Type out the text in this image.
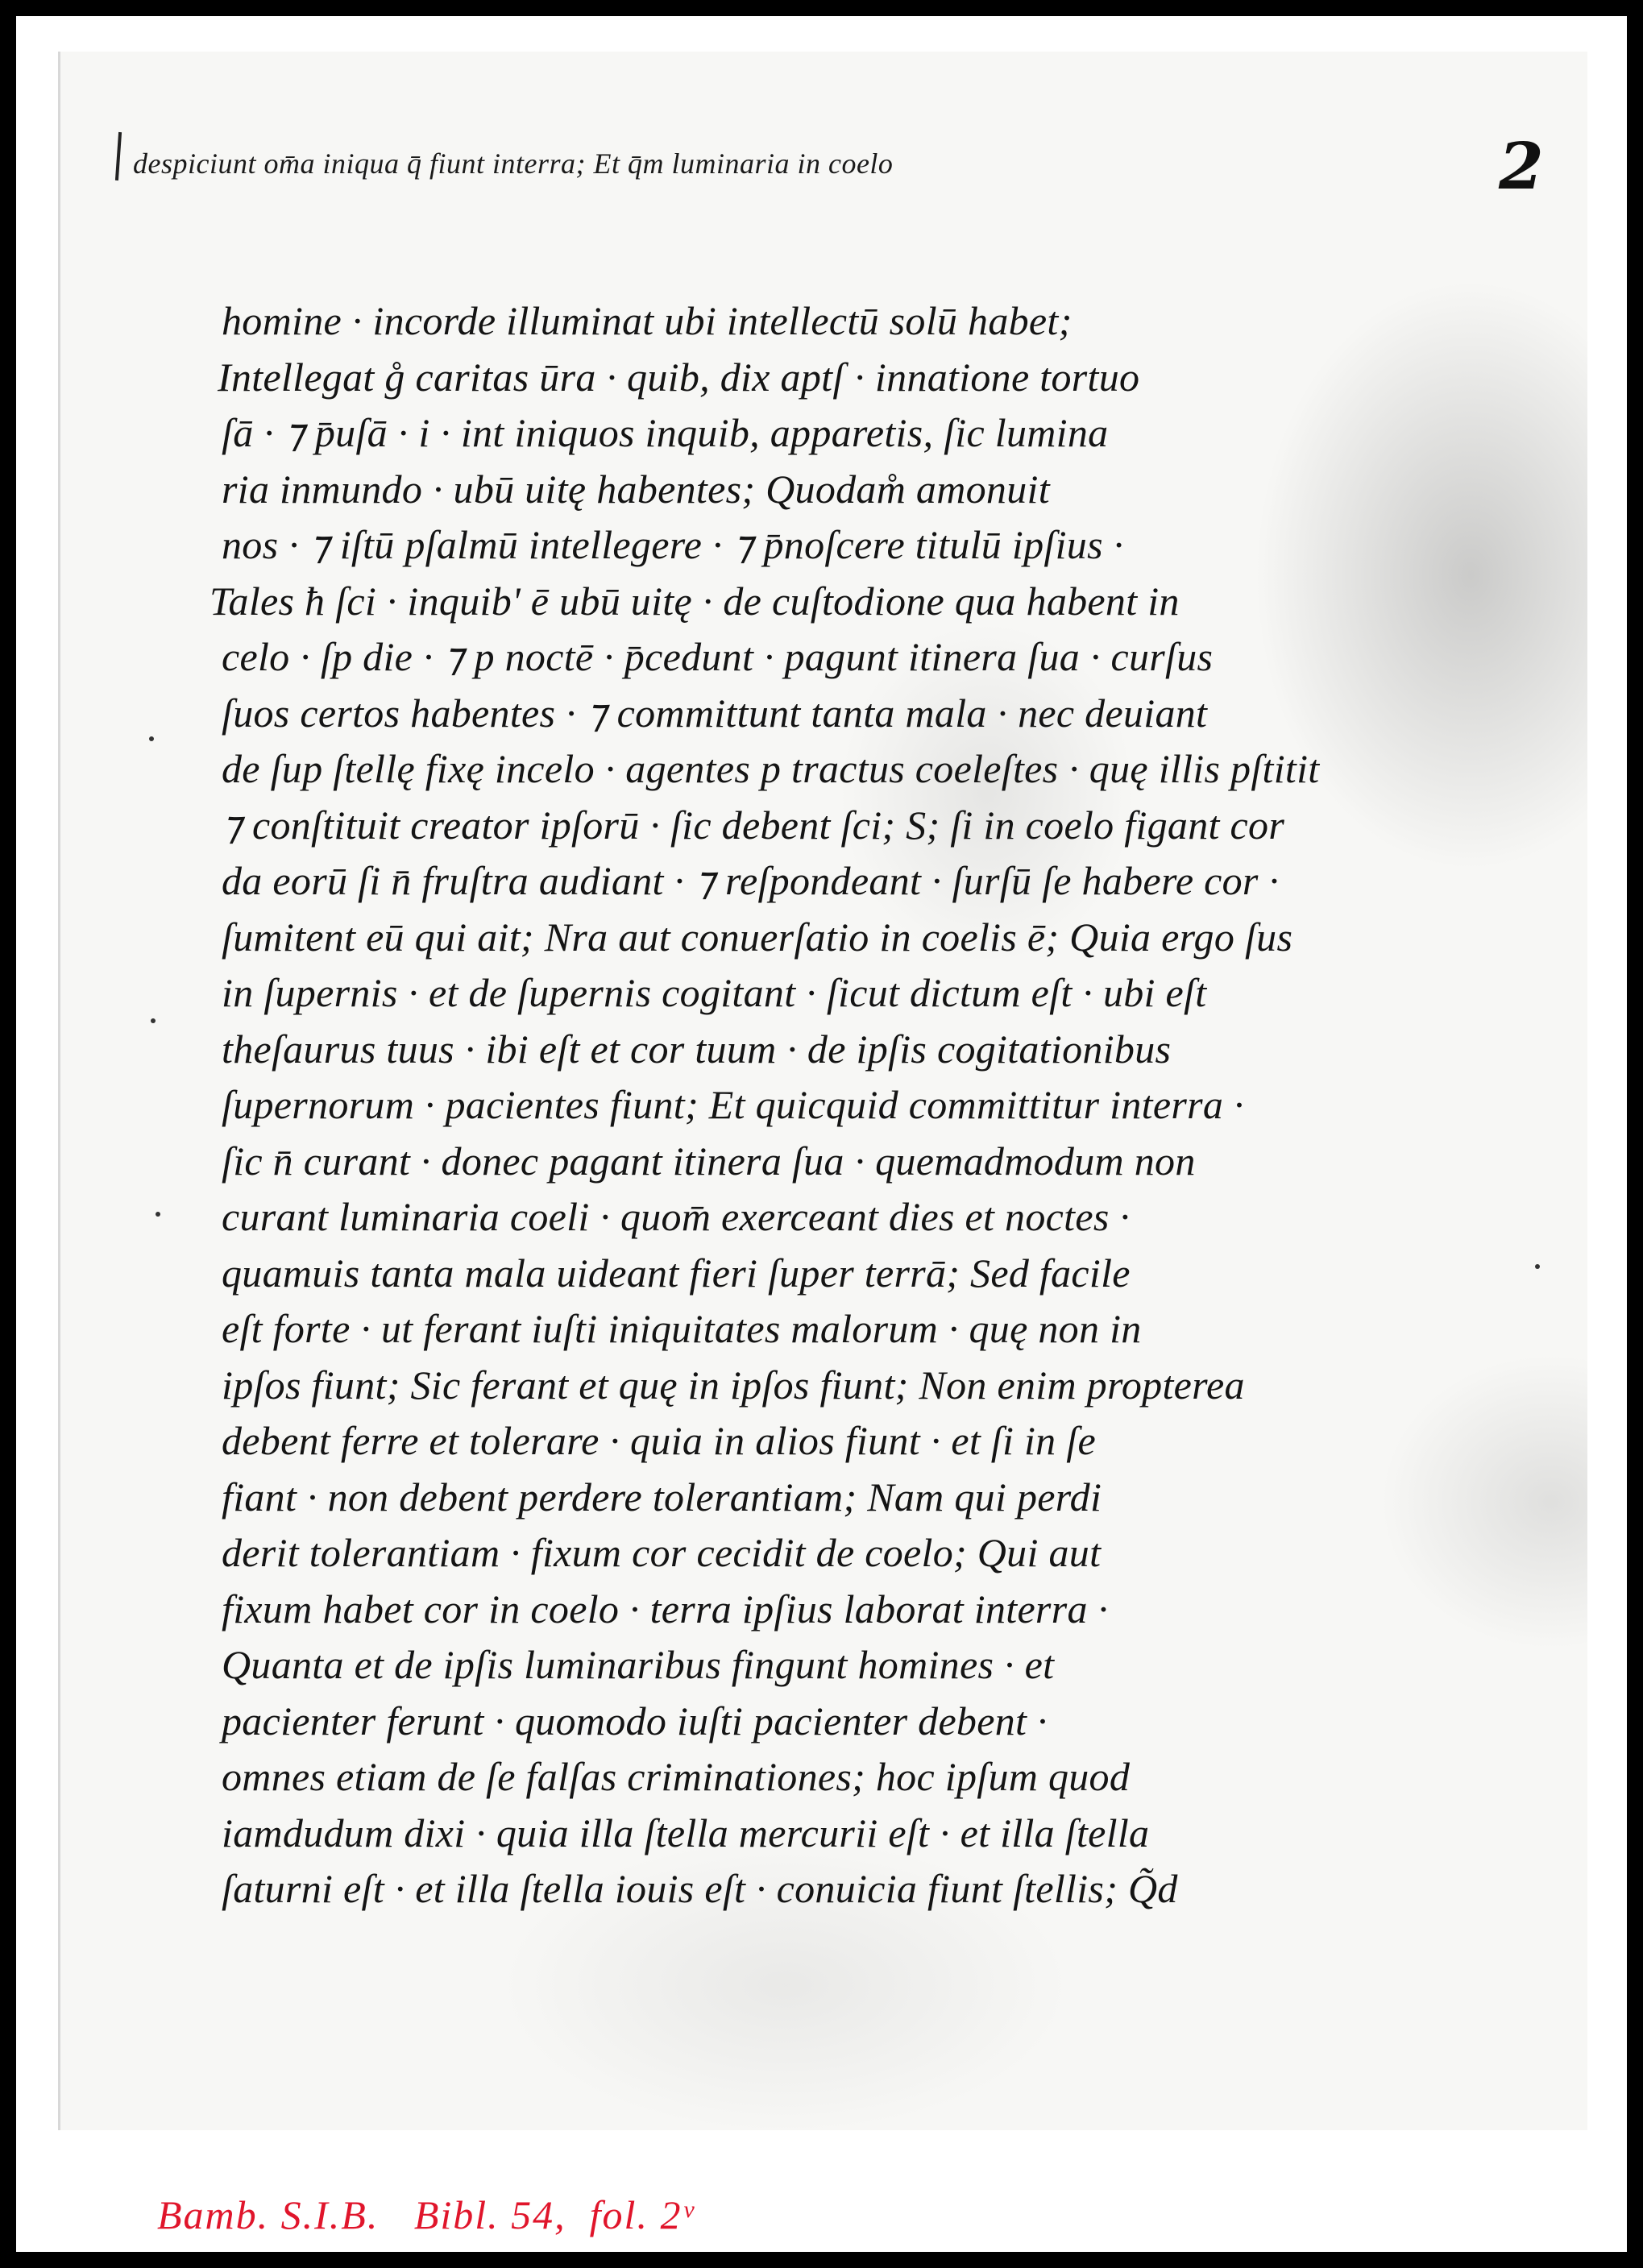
despiciunt om̄a iniqua q̄ fiunt interra; Et q̄m luminaria in coelo	2
homine · incorde illuminat ubi intellectū solū habet;
Intellegat g̊ caritas ūra · quib, dix aptſ · innatione tortuo
ſā · ⁊ p̄uſā · i · int iniquos inquib, apparetis, ſic lumina
ria inmundo · ubū uitę habentes; Quodam̊ amonuit
nos · ⁊ iſtū pſalmū intellegere · ⁊ p̄noſcere titulū ipſius ·
Tales ħ ſci · inquib' ē ubū uitę · de cuſtodione qua habent in
celo · ſp die · ⁊ p noctē · p̄cedunt · pagunt itinera ſua · curſus
ſuos certos habentes · ⁊ committunt tanta mala · nec deuiant
de ſup ſtellę fixę incelo · agentes p tractus coeleſtes · quę illis pſtitit
⁊ conſtituit creator ipſorū · ſic debent ſci; S; ſi in coelo figant cor
da eorū ſi n̄ fruſtra audiant · ⁊ reſpondeant · ſurſū ſe habere cor ·
ſumitent eū qui ait; Nra aut conuerſatio in coelis ē; Quia ergo ſus
in ſupernis · et de ſupernis cogitant · ſicut dictum eſt · ubi eſt
theſaurus tuus · ibi eſt et cor tuum · de ipſis cogitationibus
ſupernorum · pacientes fiunt; Et quicquid committitur interra ·
ſic n̄ curant · donec pagant itinera ſua · quemadmodum non
curant luminaria coeli · quom̄ exerceant dies et noctes ·
quamuis tanta mala uideant fieri ſuper terrā; Sed facile
eſt forte · ut ferant iuſti iniquitates malorum · quę non in
ipſos fiunt; Sic ferant et quę in ipſos fiunt; Non enim propterea
debent ferre et tolerare · quia in alios fiunt · et ſi in ſe
fiant · non debent perdere tolerantiam; Nam qui perdi
derit tolerantiam · fixum cor cecidit de coelo; Qui aut
fixum habet cor in coelo · terra ipſius laborat interra ·
Quanta et de ipſis luminaribus fingunt homines · et
pacienter ferunt · quomodo iuſti pacienter debent ·
omnes etiam de ſe falſas criminationes; hoc ipſum quod
iamdudum dixi · quia illa ſtella mercurii eſt · et illa ſtella
ſaturni eſt · et illa ſtella iouis eſt · conuicia fiunt ſtellis; Q̃d
Bamb. S.I.B.   Bibl. 54,  fol. 2ᵛ
